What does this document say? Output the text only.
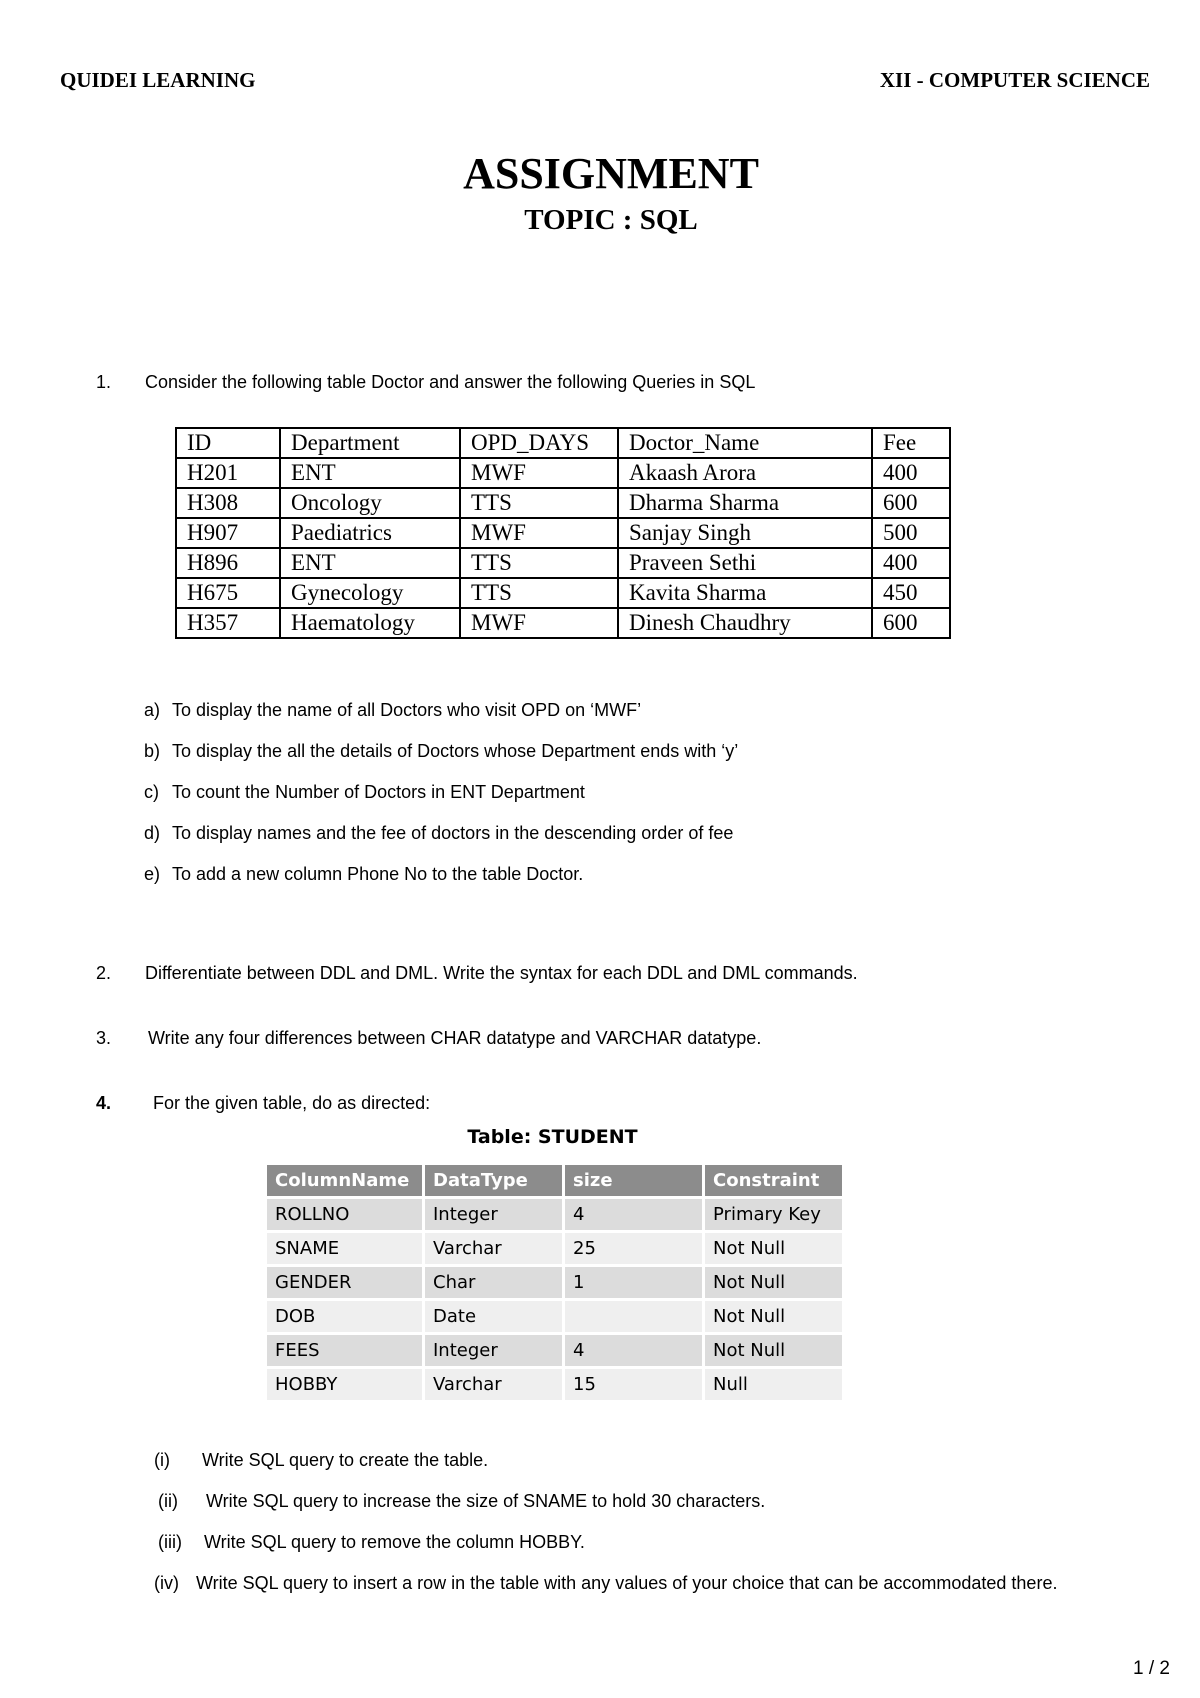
QUIDEI LEARNING	XII - COMPUTER SCIENCE
ASSIGNMENT
TOPIC : SQL
1. Consider the following table Doctor and answer the following Queries in SQL
ID	Department	OPD_DAYS	Doctor_Name	Fee
H201	ENT	MWF	Akaash Arora	400
H308	Oncology	TTS	Dharma Sharma	600
H907	Paediatrics	MWF	Sanjay Singh	500
H896	ENT	TTS	Praveen Sethi	400
H675	Gynecology	TTS	Kavita Sharma	450
H357	Haematology	MWF	Dinesh Chaudhry	600
a) To display the name of all Doctors who visit OPD on ‘MWF’
b) To display the all the details of Doctors whose Department ends with ‘y’
c) To count the Number of Doctors in ENT Department
d) To display names and the fee of doctors in the descending order of fee
e) To add a new column Phone No to the table Doctor.
2. Differentiate between DDL and DML. Write the syntax for each DDL and DML commands.
3. Write any four differences between CHAR datatype and VARCHAR datatype.
4. For the given table, do as directed:
Table: STUDENT
ColumnName	DataType	size	Constraint
ROLLNO	Integer	4	Primary Key
SNAME	Varchar	25	Not Null
GENDER	Char	1	Not Null
DOB	Date		Not Null
FEES	Integer	4	Not Null
HOBBY	Varchar	15	Null
(i) Write SQL query to create the table.
(ii) Write SQL query to increase the size of SNAME to hold 30 characters.
(iii) Write SQL query to remove the column HOBBY.
(iv) Write SQL query to insert a row in the table with any values of your choice that can be accommodated there.
1 / 2
